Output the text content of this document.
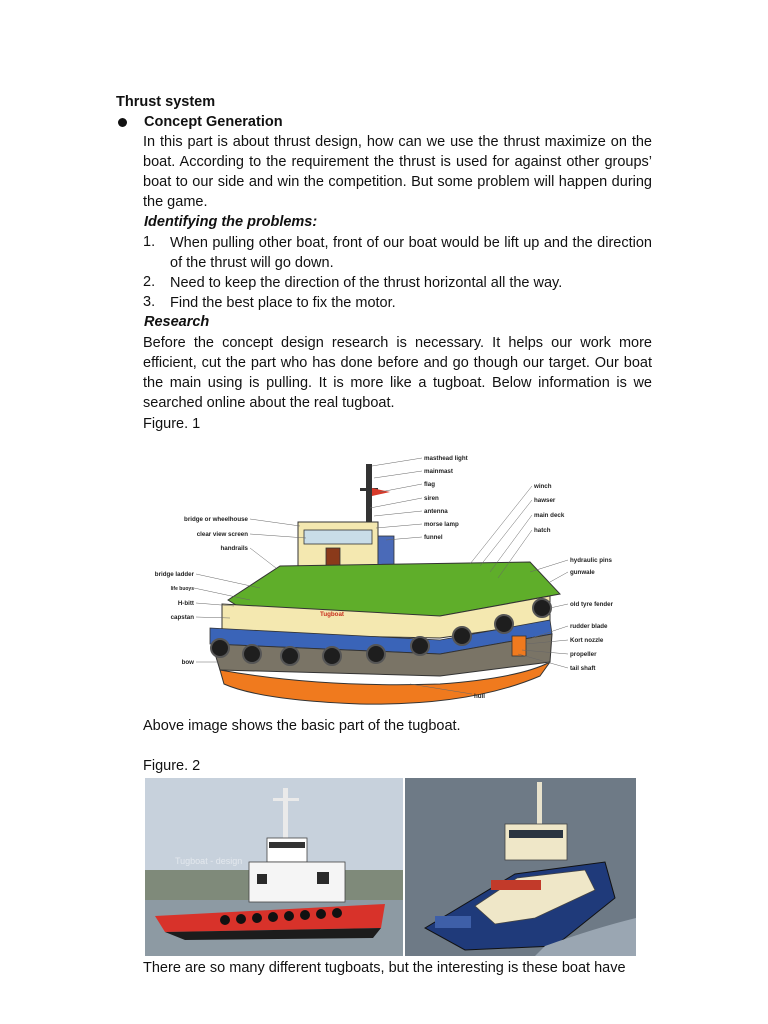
Thrust system
Concept Generation
In this part is about thrust design, how can we use the thrust maximize on the boat. According to the requirement the thrust is used for against other groups’ boat to our side and win the competition. But some problem will happen during the game.
Identifying the problems:
1. When pulling other boat, front of our boat would be lift up and the direction of the thrust will go down.
2. Need to keep the direction of the thrust horizontal all the way.
3. Find the best place to fix the motor.
Research
Before the concept design research is necessary. It helps our work more efficient, cut the part who has done before and go though our target. Our boat the main using is pulling. It is more like a tugboat. Below information is we searched online about the real tugboat.
Figure. 1
Tugboat
bridge or wheelhouse
clear view screen
handrails
bridge ladder
life buoys
H-bitt
capstan
bow
masthead light
mainmast
flag
siren
antenna
morse lamp
funnel
winch
hawser
main deck
hatch
hydraulic pins
gunwale
old tyre fender
rudder blade
Kort nozzle
propeller
tail shaft
hull
Above image shows the basic part of the tugboat.
Figure. 2
Tugboat - design
There are so many different tugboats, but the interesting is these boat have
